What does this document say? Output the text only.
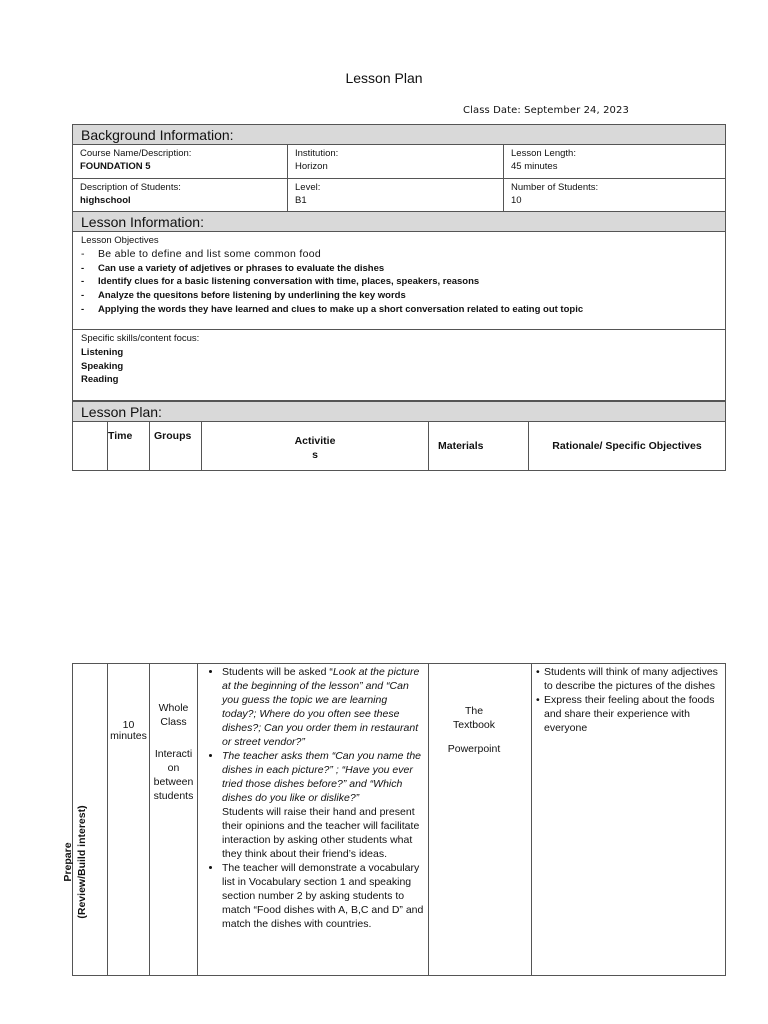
Lesson Plan
Class Date: September 24, 2023
Background Information:
Course Name/Description:
FOUNDATION 5
Institution:
Horizon
Lesson Length:
45 minutes
Description of Students:
highschool
Level:
B1
Number of Students:
10
Lesson Information:
Lesson Objectives
- Be able to define and list some common food
- Can use a variety of adjetives or phrases to evaluate the dishes
- Identify clues for a basic listening conversation with time, places, speakers, reasons
- Analyze the quesitons before listening by underlining the key words
- Applying the words they have learned and clues to make up a short conversation related to eating out topic
Specific skills/content focus:
Listening
Speaking
Reading
Lesson Plan:
	Time	Groups	Activitie
s
	Materials	Rationale/ Specific Objectives
(Review/Build interest)
Prepare

10
minutes

Whole
Class
Interacti
on
between
students

• Students will be asked “Look at the picture at the beginning of the lesson” and “Can you guess the topic we are learning today?; Where do you often see these dishes?; Can you order them in restaurant or street vendor?”
• The teacher asks them “Can you name the dishes in each picture?” ; “Have you ever tried those dishes before?” and “Which dishes do you like or dislike?”
Students will raise their hand and present their opinions and the teacher will facilitate interaction by asking other students what they think about their friend’s ideas.
• The teacher will demonstrate a vocabulary list in Vocabulary section 1 and speaking section number 2 by asking students to match “Food dishes with A, B,C and D” and match the dishes with countries.

The
Textbook
Powerpoint

• Students will think of many adjectives to describe the pictures of the dishes
• Express their feeling about the foods and share their experience with everyone
